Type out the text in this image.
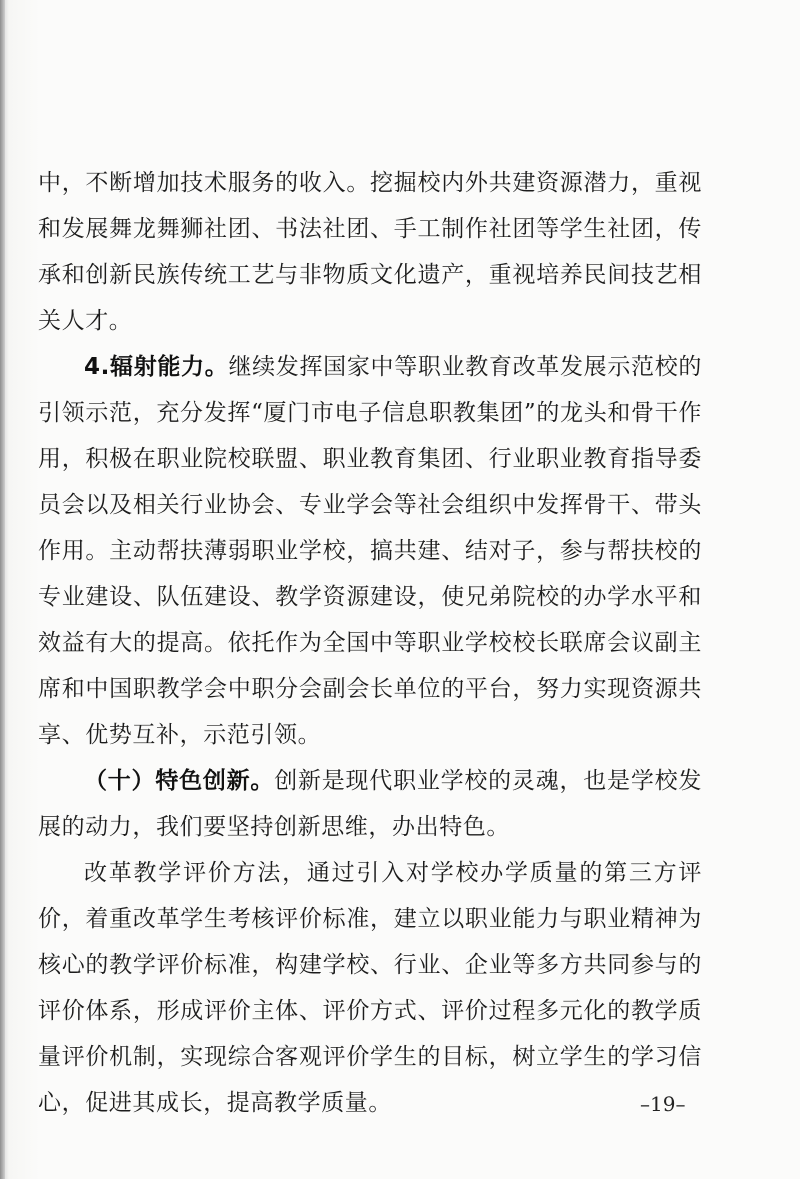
中，不断增加技术服务的收入。挖掘校内外共建资源潜力，重视和发展舞龙舞狮社团、书法社团、手工制作社团等学生社团，传承和创新民族传统工艺与非物质文化遗产，重视培养民间技艺相关人才。

4.辐射能力。继续发挥国家中等职业教育改革发展示范校的引领示范，充分发挥“厦门市电子信息职教集团”的龙头和骨干作用，积极在职业院校联盟、职业教育集团、行业职业教育指导委员会以及相关行业协会、专业学会等社会组织中发挥骨干、带头作用。主动帮扶薄弱职业学校，搞共建、结对子，参与帮扶校的专业建设、队伍建设、教学资源建设，使兄弟院校的办学水平和效益有大的提高。依托作为全国中等职业学校校长联席会议副主席和中国职教学会中职分会副会长单位的平台，努力实现资源共享、优势互补，示范引领。

（十）特色创新。创新是现代职业学校的灵魂，也是学校发展的动力，我们要坚持创新思维，办出特色。

改革教学评价方法，通过引入对学校办学质量的第三方评价，着重改革学生考核评价标准，建立以职业能力与职业精神为核心的教学评价标准，构建学校、行业、企业等多方共同参与的评价体系，形成评价主体、评价方式、评价过程多元化的教学质量评价机制，实现综合客观评价学生的目标，树立学生的学习信心，促进其成长，提高教学质量。	–19–
